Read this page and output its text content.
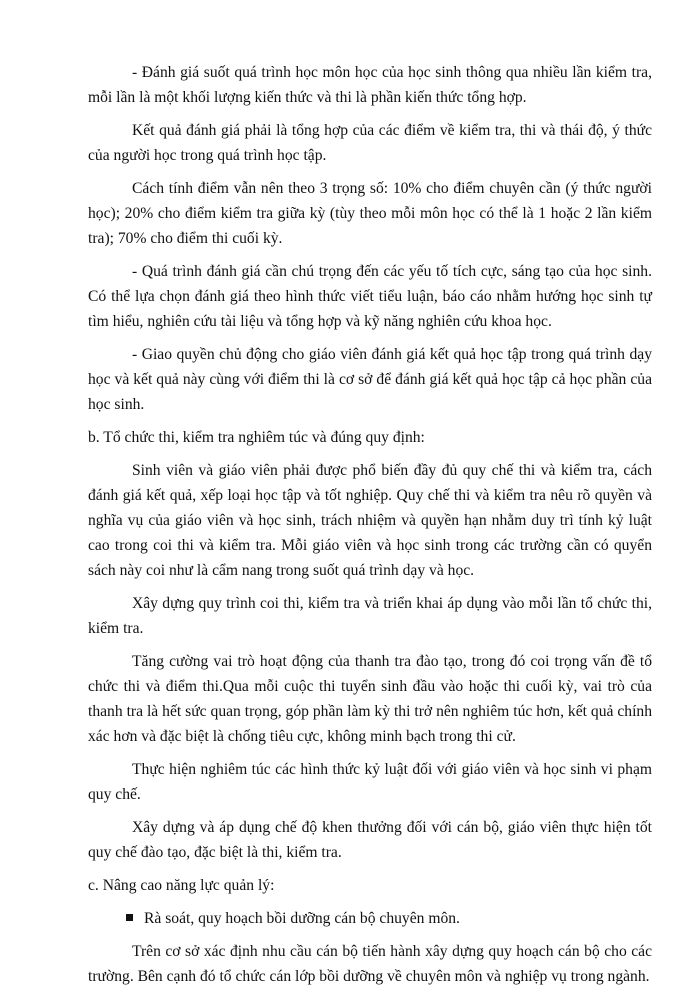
- Đánh giá suốt quá trình học môn học của học sinh thông qua nhiều lần kiểm tra, mỗi lần là một khối lượng kiến thức và thi là phần kiến thức tổng hợp.

Kết quả đánh giá phải là tổng hợp của các điểm về kiểm tra, thi và thái độ, ý thức của người học trong quá trình học tập.

Cách tính điểm vẫn nên theo 3 trọng số: 10% cho điểm chuyên cần (ý thức người học); 20% cho điểm kiểm tra giữa kỳ (tùy theo mỗi môn học có thể là 1 hoặc 2 lần kiểm tra); 70% cho điểm thi cuối kỳ.

- Quá trình đánh giá cần chú trọng đến các yếu tố tích cực, sáng tạo của học sinh. Có thể lựa chọn đánh giá theo hình thức viết tiểu luận, báo cáo nhằm hướng học sinh tự tìm hiểu, nghiên cứu tài liệu và tổng hợp và kỹ năng nghiên cứu khoa học.

- Giao quyền chủ động cho giáo viên đánh giá kết quả học tập trong quá trình dạy học và kết quả này cùng với điểm thi là cơ sở để đánh giá kết quả học tập cả học phần của học sinh.

b. Tổ chức thi, kiểm tra nghiêm túc và đúng quy định:

Sinh viên và giáo viên phải được phổ biến đầy đủ quy chế thi và kiểm tra, cách đánh giá kết quả, xếp loại học tập và tốt nghiệp. Quy chế thi và kiểm tra nêu rõ quyền và nghĩa vụ của giáo viên và học sinh, trách nhiệm và quyền hạn nhằm duy trì tính kỷ luật cao trong coi thi và kiểm tra. Mỗi giáo viên và học sinh trong các trường cần có quyển sách này coi như là cẩm nang trong suốt quá trình dạy và học.

Xây dựng quy trình coi thi, kiểm tra và triển khai áp dụng vào mỗi lần tổ chức thi, kiểm tra.

Tăng cường vai trò hoạt động của thanh tra đào tạo, trong đó coi trọng vấn đề tổ chức thi và điểm thi.Qua mỗi cuộc thi tuyển sinh đầu vào hoặc thi cuối kỳ, vai trò của thanh tra là hết sức quan trọng, góp phần làm kỳ thi trở nên nghiêm túc hơn, kết quả chính xác hơn và đặc biệt là chống tiêu cực, không minh bạch trong thi cử.

Thực hiện nghiêm túc các hình thức kỷ luật đối với giáo viên và học sinh vi phạm quy chế.

Xây dựng và áp dụng chế độ khen thưởng đối với cán bộ, giáo viên thực hiện tốt quy chế đào tạo, đặc biệt là thi, kiểm tra.

c. Nâng cao năng lực quản lý:

Rà soát, quy hoạch bồi dưỡng cán bộ chuyên môn.

Trên cơ sở xác định nhu cầu cán bộ tiến hành xây dựng quy hoạch cán bộ cho các trường. Bên cạnh đó tổ chức cán lớp bồi dưỡng về chuyên môn và nghiệp vụ trong ngành.
